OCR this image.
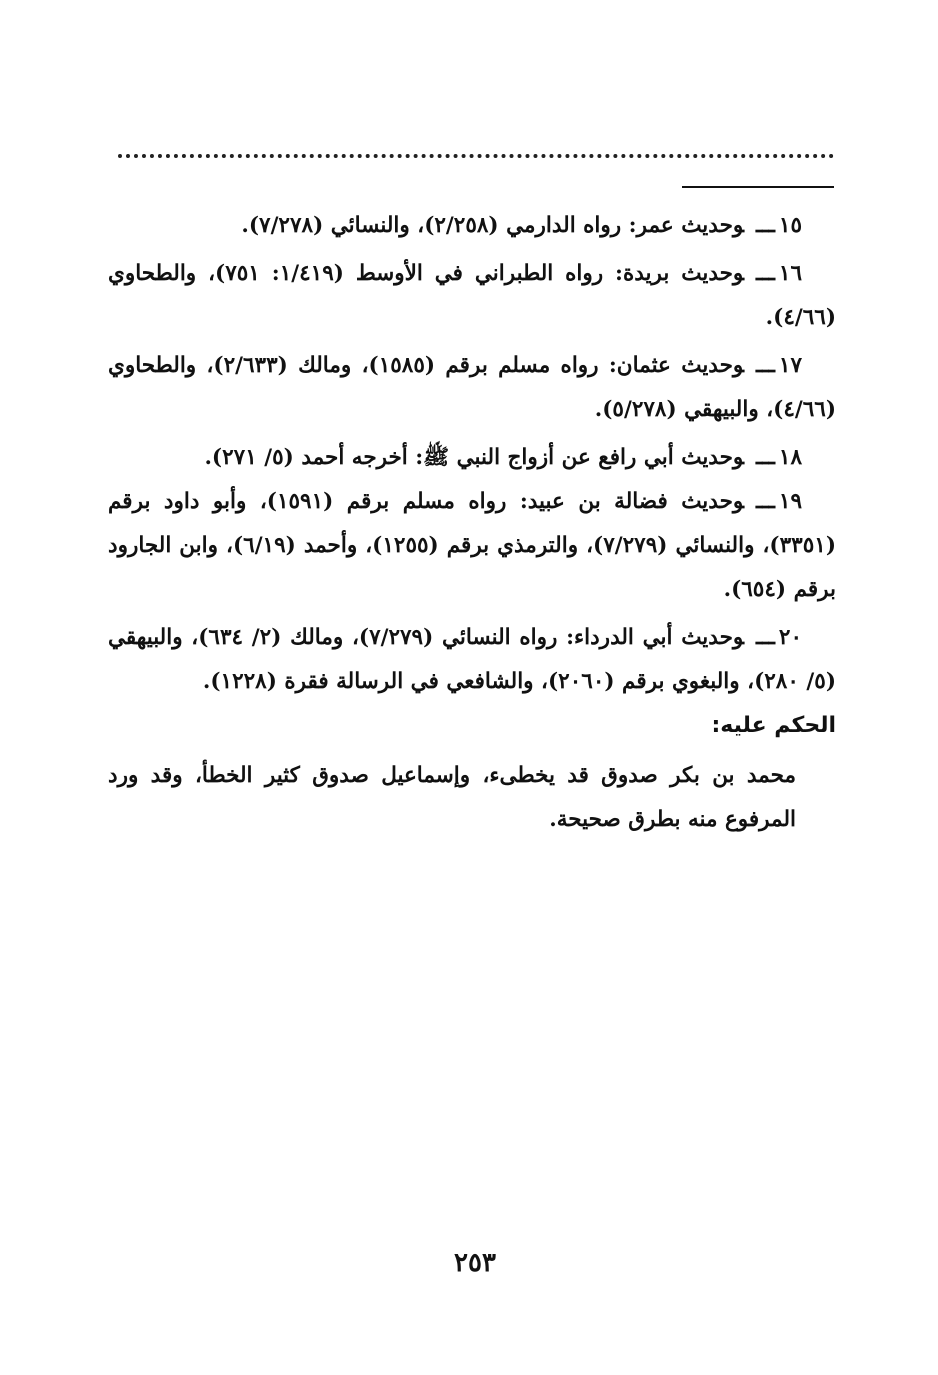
١٥ـــوحديث عمر: رواه الدارمي (٢/٢٥٨)، والنسائي (٧/٢٧٨).

١٦ـــوحديث بريدة: رواه الطبراني في الأوسط (١/٤١٩: ٧٥١)، والطحاوي (٤/٦٦).

١٧ـــوحديث عثمان: رواه مسلم برقم (١٥٨٥)، ومالك (٢/٦٣٣)، والطحاوي (٤/٦٦)، والبيهقي (٥/٢٧٨).

١٨ـــوحديث أبي رافع عن أزواج النبي ﷺ: أخرجه أحمد (٥/ ٢٧١).

١٩ـــوحديث فضالة بن عبيد: رواه مسلم برقم (١٥٩١)، وأبو داود برقم (٣٣٥١)، والنسائي (٧/٢٧٩)، والترمذي برقم (١٢٥٥)، وأحمد (٦/١٩)، وابن الجارود برقم (٦٥٤).

٢٠ـــوحديث أبي الدرداء: رواه النسائي (٧/٢٧٩)، ومالك (٢/ ٦٣٤)، والبيهقي (٥/ ٢٨٠)، والبغوي برقم (٢٠٦٠)، والشافعي في الرسالة فقرة (١٢٢٨).

الحكم عليه:

محمد بن بكر صدوق قد يخطىء، وإسماعيل صدوق كثير الخطأ، وقد ورد المرفوع منه بطرق صحيحة.

٢٥٣
